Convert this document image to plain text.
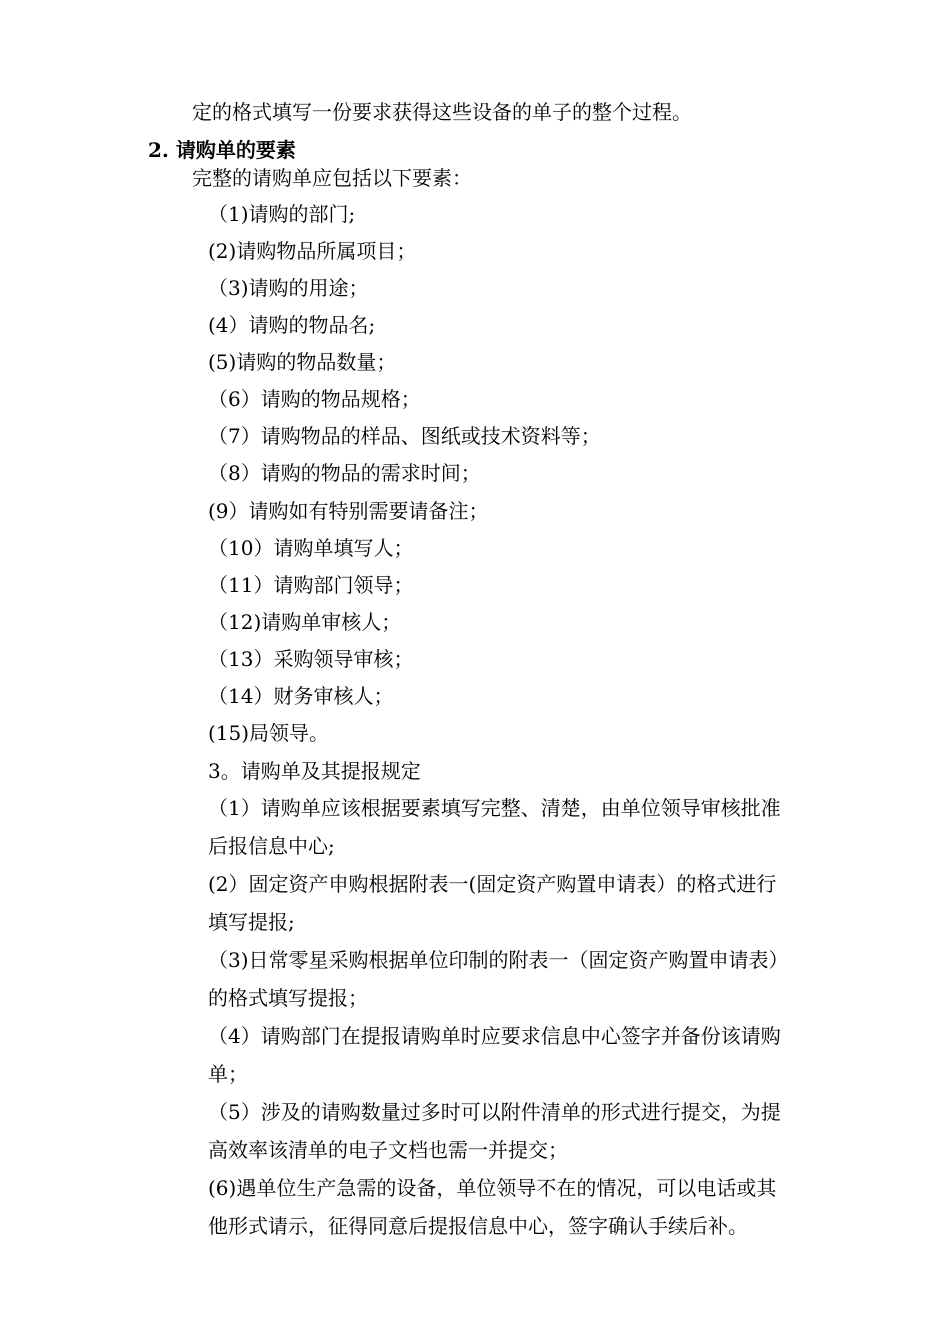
定的格式填写一份要求获得这些设备的单子的整个过程。
2. 请购单的要素
完整的请购单应包括以下要素：
（1)请购的部门;
(2)请购物品所属项目；
（3)请购的用途；
(4）请购的物品名;
(5)请购的物品数量；
（6）请购的物品规格；
（7）请购物品的样品、图纸或技术资料等；
（8）请购的物品的需求时间；
(9）请购如有特别需要请备注；
（10）请购单填写人；
（11）请购部门领导；
（12)请购单审核人；
（13）采购领导审核；
（14）财务审核人；
(15)局领导。
3。请购单及其提报规定
（1）请购单应该根据要素填写完整、清楚，由单位领导审核批准
后报信息中心;
(2）固定资产申购根据附表一(固定资产购置申请表）的格式进行
填写提报;
（3)日常零星采购根据单位印制的附表一（固定资产购置申请表）
的格式填写提报；
（4）请购部门在提报请购单时应要求信息中心签字并备份该请购
单；
（5）涉及的请购数量过多时可以附件清单的形式进行提交，为提
高效率该清单的电子文档也需一并提交；
(6)遇单位生产急需的设备，单位领导不在的情况，可以电话或其
他形式请示，征得同意后提报信息中心，签字确认手续后补。
